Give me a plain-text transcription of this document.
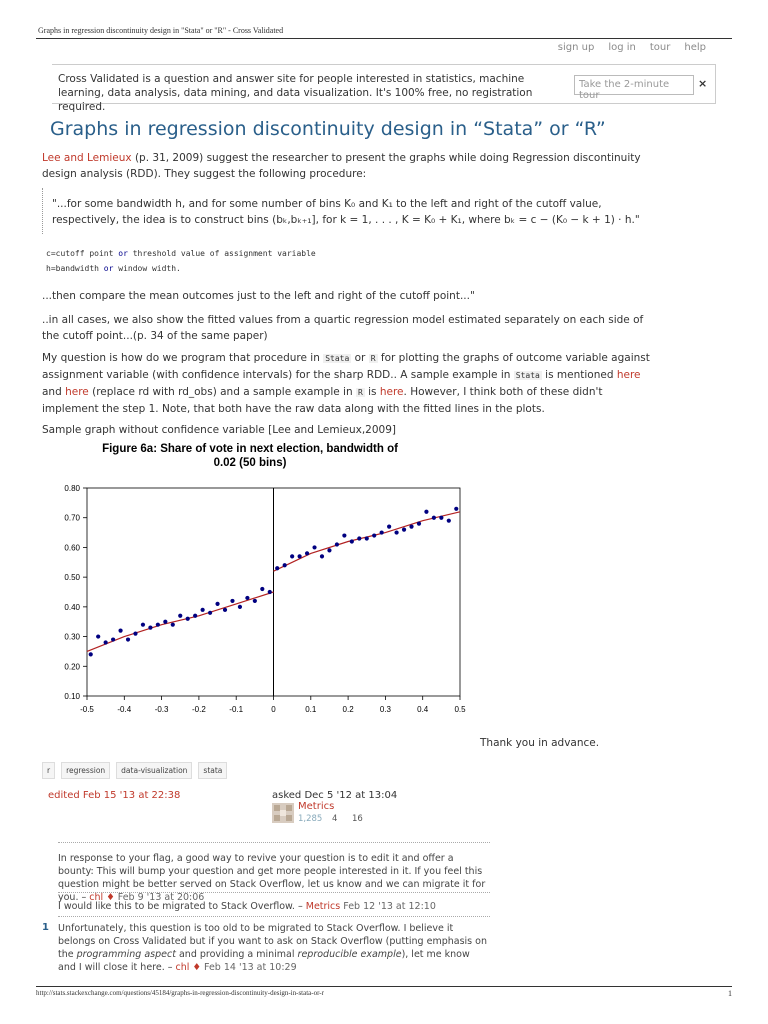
Graphs in regression discontinuity design in "Stata" or "R" - Cross Validated
sign up log in tour help
Cross Validated is a question and answer site for people interested in statistics, machine learning, data analysis, data mining, and data visualization. It's 100% free, no registration required.
Take the 2-minute tour
×
Graphs in regression discontinuity design in “Stata” or “R”
Lee and Lemieux (p. 31, 2009) suggest the researcher to present the graphs while doing Regression discontinuity design analysis (RDD). They suggest the following procedure:
"...for some bandwidth h, and for some number of bins K₀ and K₁ to the left and right of the cutoff value,
respectively, the idea is to construct bins (bₖ,bₖ₊₁], for k = 1, . . . , K = K₀ + K₁, where bₖ = c − (K₀ − k + 1) · h."
c=cutoff point or threshold value of assignment variable
h=bandwidth or window width.
...then compare the mean outcomes just to the left and right of the cutoff point..."
..in all cases, we also show the fitted values from a quartic regression model estimated separately on each side of the cutoff point...(p. 34 of the same paper)
My question is how do we program that procedure in Stata or R for plotting the graphs of outcome variable against assignment variable (with confidence intervals) for the sharp RDD.. A sample example in Stata is mentioned here and here (replace rd with rd_obs) and a sample example in R is here. However, I think both of these didn't implement the step 1. Note, that both have the raw data along with the fitted lines in the plots.
Sample graph without confidence variable [Lee and Lemieux,2009]
Figure 6a: Share of vote in next election, bandwidth of 0.02 (50 bins)
0.10
0.20
0.30
0.40
0.50
0.60
0.70
0.80
-0.5	-0.4	-0.3	-0.2	-0.1	0	0.1	0.2	0.3	0.4	0.5
Thank you in advance.
r	regression	data-visualization	stata
edited Feb 15 '13 at 22:38	asked Dec 5 '12 at 13:04
Metrics
1,285 4 16
In response to your flag, a good way to revive your question is to edit it and offer a bounty: This will bump your question and get more people interested in it. If you feel this question might be better served on Stack Overflow, let us know and we can migrate it for you. – chl ♦ Feb 9 '13 at 20:06
I would like this to be migrated to Stack Overflow. – Metrics Feb 12 '13 at 12:10
1 Unfortunately, this question is too old to be migrated to Stack Overflow. I believe it belongs on Cross Validated but if you want to ask on Stack Overflow (putting emphasis on the programming aspect and providing a minimal reproducible example), let me know and I will close it here. – chl ♦ Feb 14 '13 at 10:29
http://stats.stackexchange.com/questions/45184/graphs-in-regression-discontinuity-design-in-stata-or-r	1
